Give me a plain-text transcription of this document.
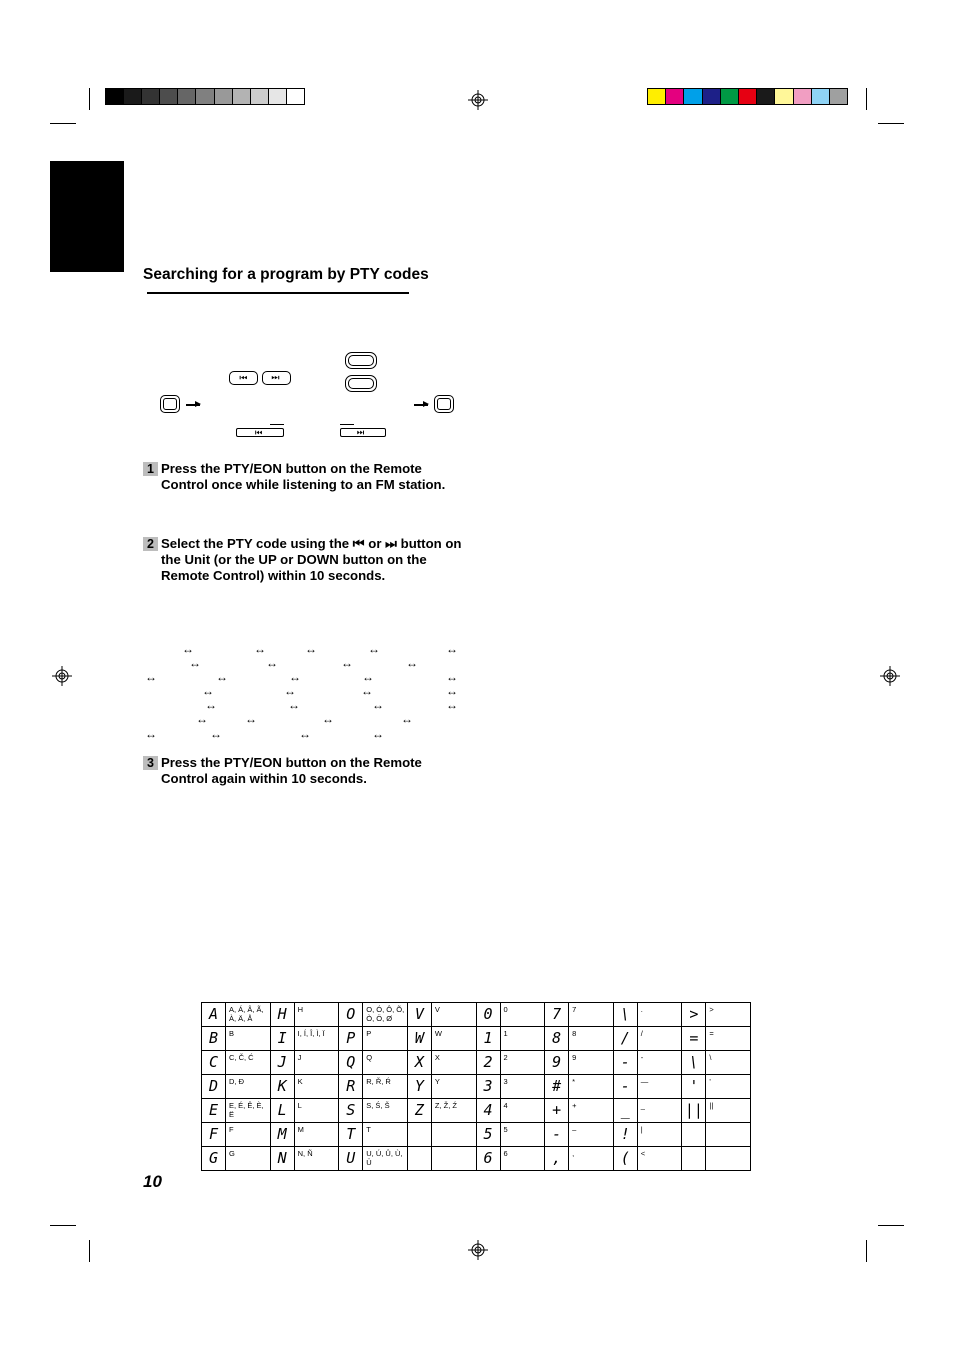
Searching for a program by PTY codes
1 Press the PTY/EON button on the Remote Control once while listening to an FM station.
2 Select the PTY code using the ⏮ or ⏭ button on the Unit (or the UP or DOWN button on the Remote Control) within 10 seconds.
↔	↔	↔	↔	↔
↔	↔	↔	↔
↔	↔	↔	↔	↔
↔	↔	↔	↔
↔	↔	↔	↔
↔	↔	↔	↔
↔	↔	↔	↔
3 Press the PTY/EON button on the Remote Control again within 10 seconds.
A	A, Á, Â, Ã, À, Ä, Å	H	H	O	O, Ó, Ô, Õ, Ò, Ö, Ø	V	V	0	0	7	7	\	.	>	>
B	B	I	I, Í, Î, Ì, Ï	P	P	W	W	1	1	8	8	/	/	=	=
C	C, Č, Ć	J	J	Q	Q	X	X	2	2	9	9	-	-	\	\
D	D, Đ	K	K	R	R, Ř, Ŕ	Y	Y	3	3	#	*	-	—	'	'
E	E, É, Ê, È, Ë	L	L	S	S, Ś, Š	Z	Z, Ž, Ź	4	4	+	+	_	_	||	||
F	F	M	M	T	T			5	5	-	–	!	|		
G	G	N	N, Ñ	U	U, Ú, Û, Ù, Ü			6	6	,	,	(	<		
10
